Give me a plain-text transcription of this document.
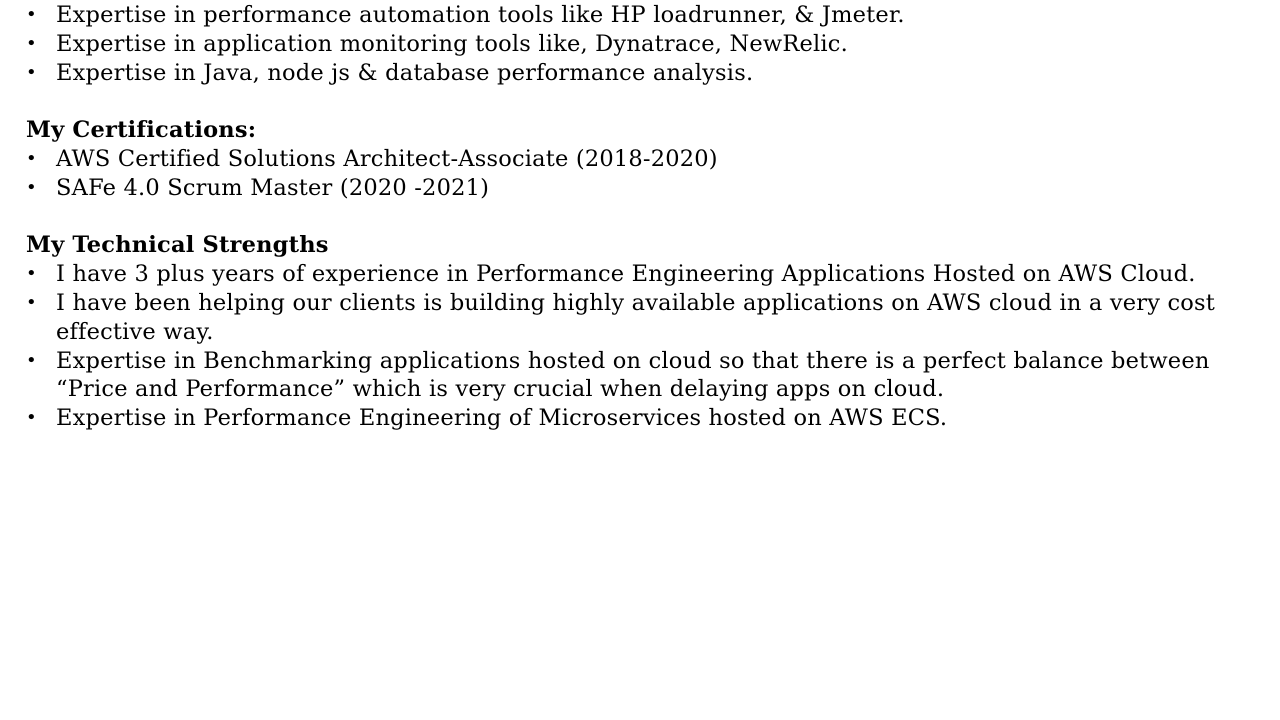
• Expertise in performance automation tools like HP loadrunner, & Jmeter.
• Expertise in application monitoring tools like, Dynatrace, NewRelic.
• Expertise in Java, node js & database performance analysis.
My Certifications:
• AWS Certified Solutions Architect-Associate (2018-2020)
• SAFe 4.0 Scrum Master (2020 -2021)
My Technical Strengths
• I have 3 plus years of experience in Performance Engineering Applications Hosted on AWS Cloud.
• I have been helping our clients is building highly available applications on AWS cloud in a very cost effective way.
• Expertise in Benchmarking applications hosted on cloud so that there is a perfect balance between “Price and Performance” which is very crucial when delaying apps on cloud.
• Expertise in Performance Engineering of Microservices hosted on AWS ECS.
